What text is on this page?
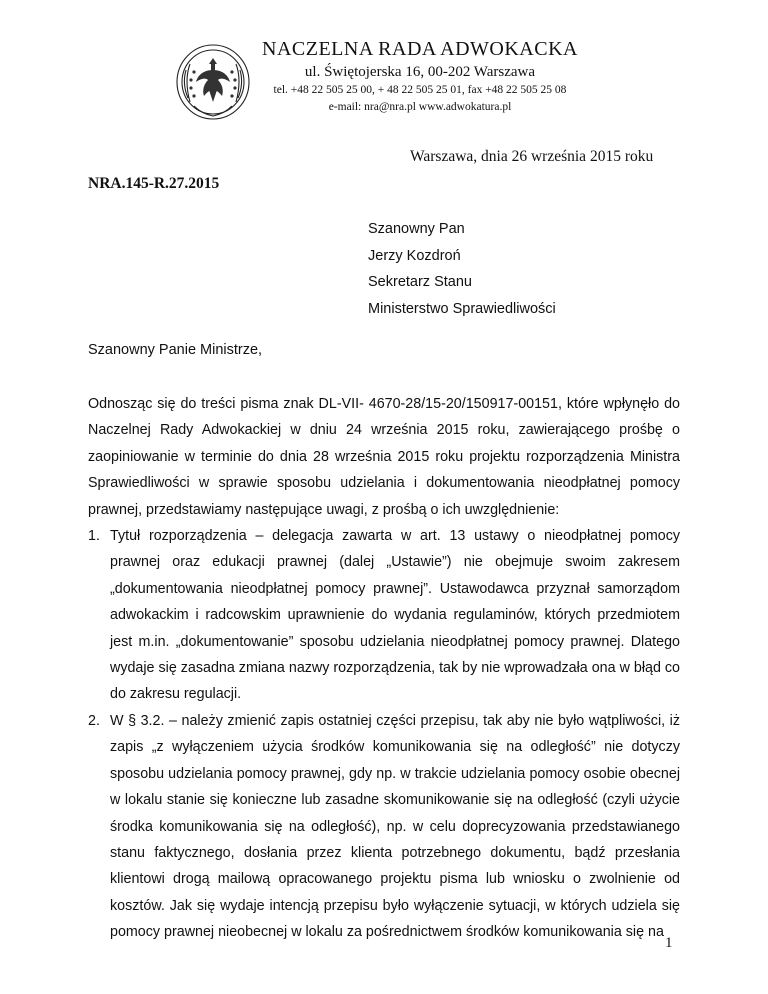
NACZELNA RADA ADWOKACKA
ul. Świętojerska 16, 00-202 Warszawa
tel. +48 22 505 25 00, + 48 22 505 25 01, fax +48 22 505 25 08
e-mail: nra@nra.pl www.adwokatura.pl
Warszawa, dnia 26 września 2015 roku
NRA.145-R.27.2015
Szanowny Pan
Jerzy Kozdroń
Sekretarz Stanu
Ministerstwo Sprawiedliwości
Szanowny Panie Ministrze,

Odnosząc się do treści pisma znak DL-VII- 4670-28/15-20/150917-00151, które wpłynęło do Naczelnej Rady Adwokackiej w dniu 24 września 2015 roku, zawierającego prośbę o zaopiniowanie w terminie do dnia 28 września 2015 roku projektu rozporządzenia Ministra Sprawiedliwości w sprawie sposobu udzielania i dokumentowania nieodpłatnej pomocy prawnej, przedstawiamy następujące uwagi, z prośbą o ich uwzględnienie:

1. Tytuł rozporządzenia – delegacja zawarta w art. 13 ustawy o nieodpłatnej pomocy prawnej oraz edukacji prawnej (dalej „Ustawie”) nie obejmuje swoim zakresem „dokumentowania nieodpłatnej pomocy prawnej”. Ustawodawca przyznał samorządom adwokackim i radcowskim uprawnienie do wydania regulaminów, których przedmiotem jest m.in. „dokumentowanie” sposobu udzielania nieodpłatnej pomocy prawnej. Dlatego wydaje się zasadna zmiana nazwy rozporządzenia, tak by nie wprowadzała ona w błąd co do zakresu regulacji.
2. W § 3.2. – należy zmienić zapis ostatniej części przepisu, tak aby nie było wątpliwości, iż zapis „z wyłączeniem użycia środków komunikowania się na odległość” nie dotyczy sposobu udzielania pomocy prawnej, gdy np. w trakcie udzielania pomocy osobie obecnej w lokalu stanie się konieczne lub zasadne skomunikowanie się na odległość (czyli użycie środka komunikowania się na odległość), np. w celu doprecyzowania przedstawianego stanu faktycznego, dosłania przez klienta potrzebnego dokumentu, bądź przesłania klientowi drogą mailową opracowanego projektu pisma lub wniosku o zwolnienie od kosztów. Jak się wydaje intencją przepisu było wyłączenie sytuacji, w których udziela się pomocy prawnej nieobecnej w lokalu za pośrednictwem środków komunikowania się na
1
